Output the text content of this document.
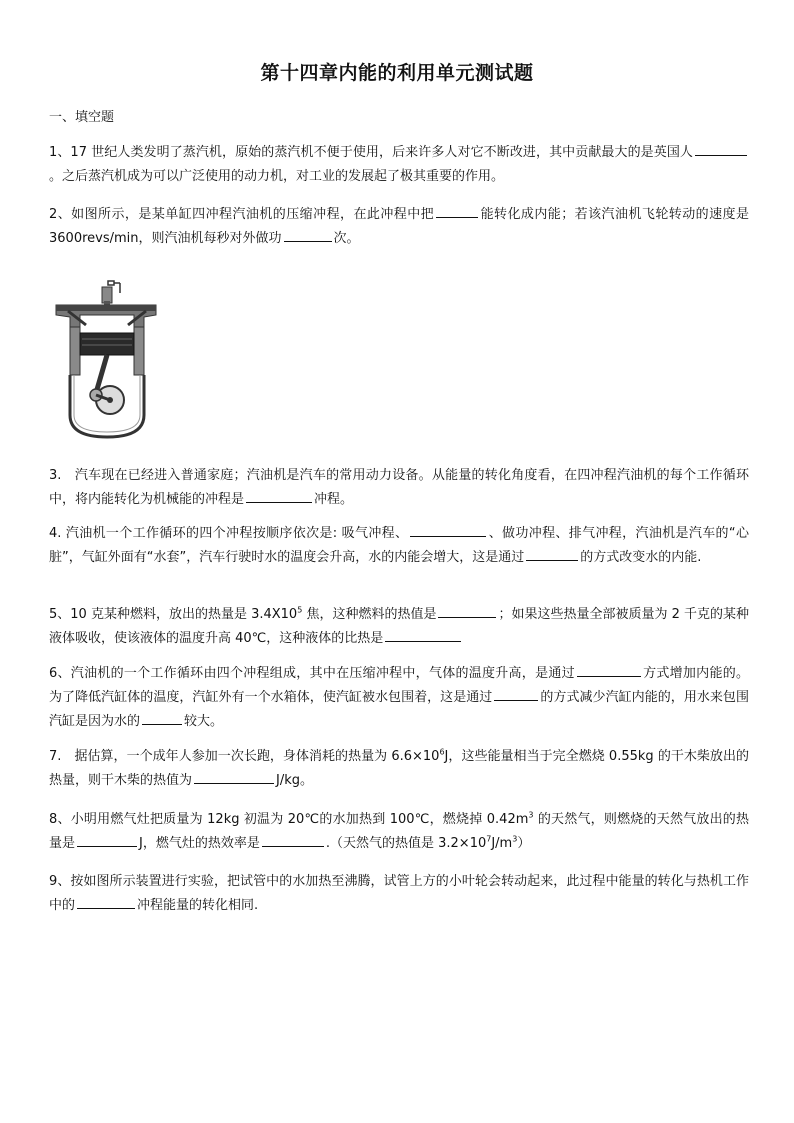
第十四章内能的利用单元测试题
一、填空题
1、17 世纪人类发明了蒸汽机，原始的蒸汽机不便于使用，后来许多人对它不断改进，其中贡献最大的是英国人。之后蒸汽机成为可以广泛使用的动力机，对工业的发展起了极其重要的作用。
2、如图所示，是某单缸四冲程汽油机的压缩冲程，在此冲程中把	能转化成内能；若该汽油机飞轮转动的速度是 3600revs/min，则汽油机每秒对外做功	次。
3.　汽车现在已经进入普通家庭；汽油机是汽车的常用动力设备。从能量的转化角度看，在四冲程汽油机的每个工作循环中，将内能转化为机械能的冲程是	冲程。
4. 汽油机一个工作循环的四个冲程按顺序依次是: 吸气冲程、	、做功冲程、排气冲程，汽油机是汽车的“心脏”，气缸外面有“水套”，汽车行驶时水的温度会升高，水的内能会增大，这是通过	的方式改变水的内能.
5、10 克某种燃料，放出的热量是 $3.4X10^5$ 焦，这种燃料的热值是	；如果这些热量全部被质量为 2 千克的某种液体吸收，使该液体的温度升高 40℃，这种液体的比热是
6、汽油机的一个工作循环由四个冲程组成，其中在压缩冲程中，气体的温度升高，是通过	方式增加内能的。为了降低汽缸体的温度，汽缸外有一个水箱体，使汽缸被水包围着，这是通过	的方式减少汽缸内能的，用水来包围汽缸是因为水的	较大。
7.　据估算，一个成年人参加一次长跑，身体消耗的热量为 $6.6\times 10^6J$，这些能量相当于完全燃烧 0.55kg 的干木柴放出的热量，则干木柴的热值为	J/kg。
8、小明用燃气灶把质量为 12kg 初温为 20℃的水加热到 100℃，燃烧掉 $0.42m^3$ 的天然气，则燃烧的天然气放出的热量是	J，燃气灶的热效率是	.（天然气的热值是 $3.2\times 10^7J/m^3$）
9、按如图所示装置进行实验，把试管中的水加热至沸腾，试管上方的小叶轮会转动起来，此过程中能量的转化与热机工作中的	冲程能量的转化相同.
